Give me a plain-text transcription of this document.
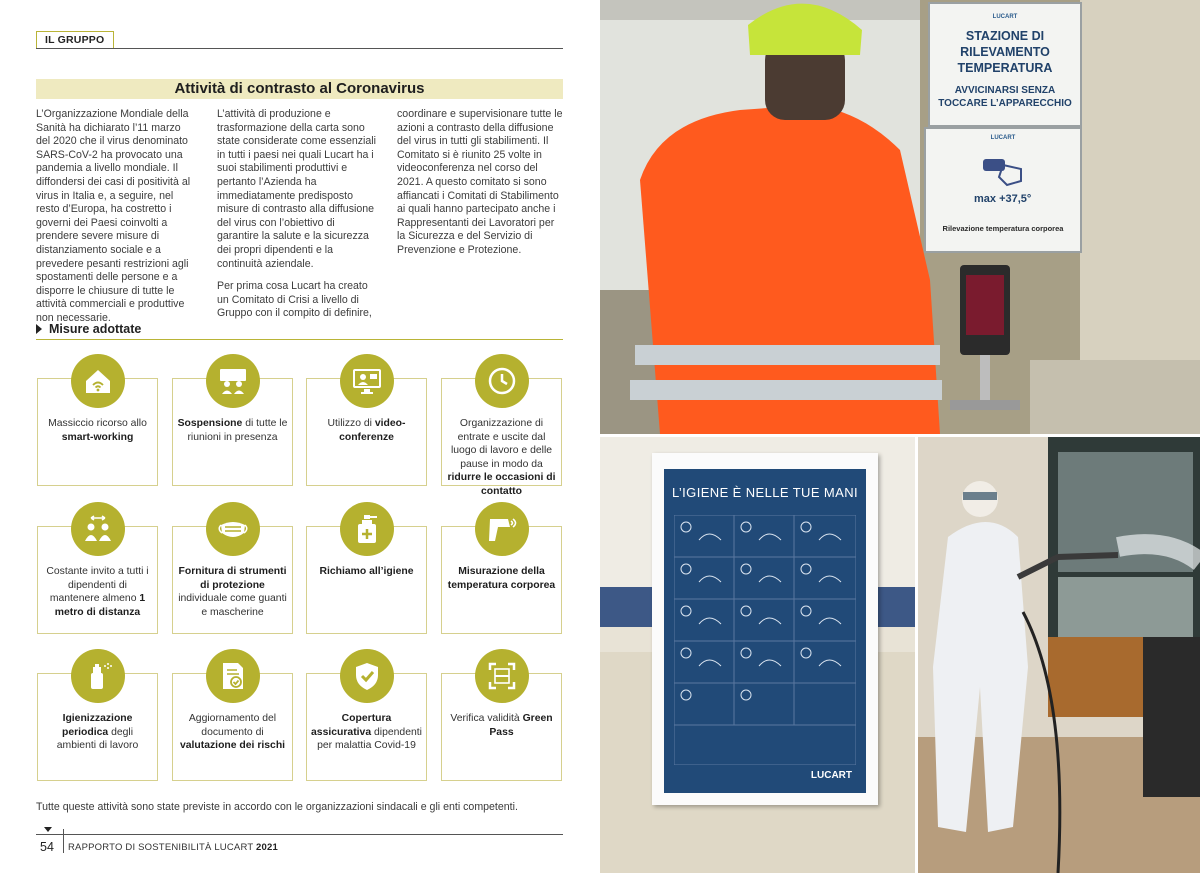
IL GRUPPO
Attività di contrasto al Coronavirus

L’Organizzazione Mondiale della Sanità ha dichiarato l’11 marzo del 2020 che il virus denominato SARS-CoV-2 ha provocato una pandemia a livello mondiale. Il diffondersi dei casi di positività al virus in Italia e, a seguire, nel resto d’Europa, ha costretto i governi dei Paesi coinvolti a prendere severe misure di distanziamento sociale e a prevedere pesanti restrizioni agli spostamenti delle persone e a disporre le chiusure di tutte le attività commerciali e produttive non necessarie.

L’attività di produzione e trasformazione della carta sono state considerate come essenziali in tutti i paesi nei quali Lucart ha i suoi stabilimenti produttivi e pertanto l’Azienda ha immediatamente predisposto misure di contrasto alla diffusione del virus con l’obiettivo di garantire la salute e la sicurezza dei propri dipendenti e la continuità aziendale.

Per prima cosa Lucart ha creato un Comitato di Crisi a livello di Gruppo con il compito di definire,

coordinare e supervisionare tutte le azioni a contrasto della diffusione del virus in tutti gli stabilimenti. Il Comitato si è riunito 25 volte in videoconferenza nel corso del 2021. A questo comitato si sono affiancati i Comitati di Stabilimento ai quali hanno partecipato anche i Rappresentanti dei Lavoratori per la Sicurezza e del Servizio di Prevenzione e Protezione.

Misure adottate
Massiccio ricorso allo smart-working
Sospensione di tutte le riunioni in presenza
Utilizzo di video-conferenze
Organizzazione di entrate e uscite dal luogo di lavoro e delle pause in modo da ridurre le occasioni di contatto
Costante invito a tutti i dipendenti di mantenere almeno 1 metro di distanza
Fornitura di strumenti di protezione individuale come guanti e mascherine
Richiamo all’igiene	Misurazione della temperatura corporea
Igienizzazione periodica degli ambienti di lavoro
Aggiornamento del documento di valutazione dei rischi
Copertura assicurativa dipendenti per malattia Covid-19
Verifica validità Green Pass
Tutte queste attività sono state previste in accordo con le organizzazioni sindacali e gli enti competenti.
54 RAPPORTO DI SOSTENIBILITÀ LUCART 2021
LUCART
STAZIONE DI RILEVAMENTO TEMPERATURA
AVVICINARSI SENZA TOCCARE L’APPARECCHIO
LUCART
max +37,5°
Rilevazione temperatura corporea
L’IGIENE È NELLE TUE MANI
LUCART
